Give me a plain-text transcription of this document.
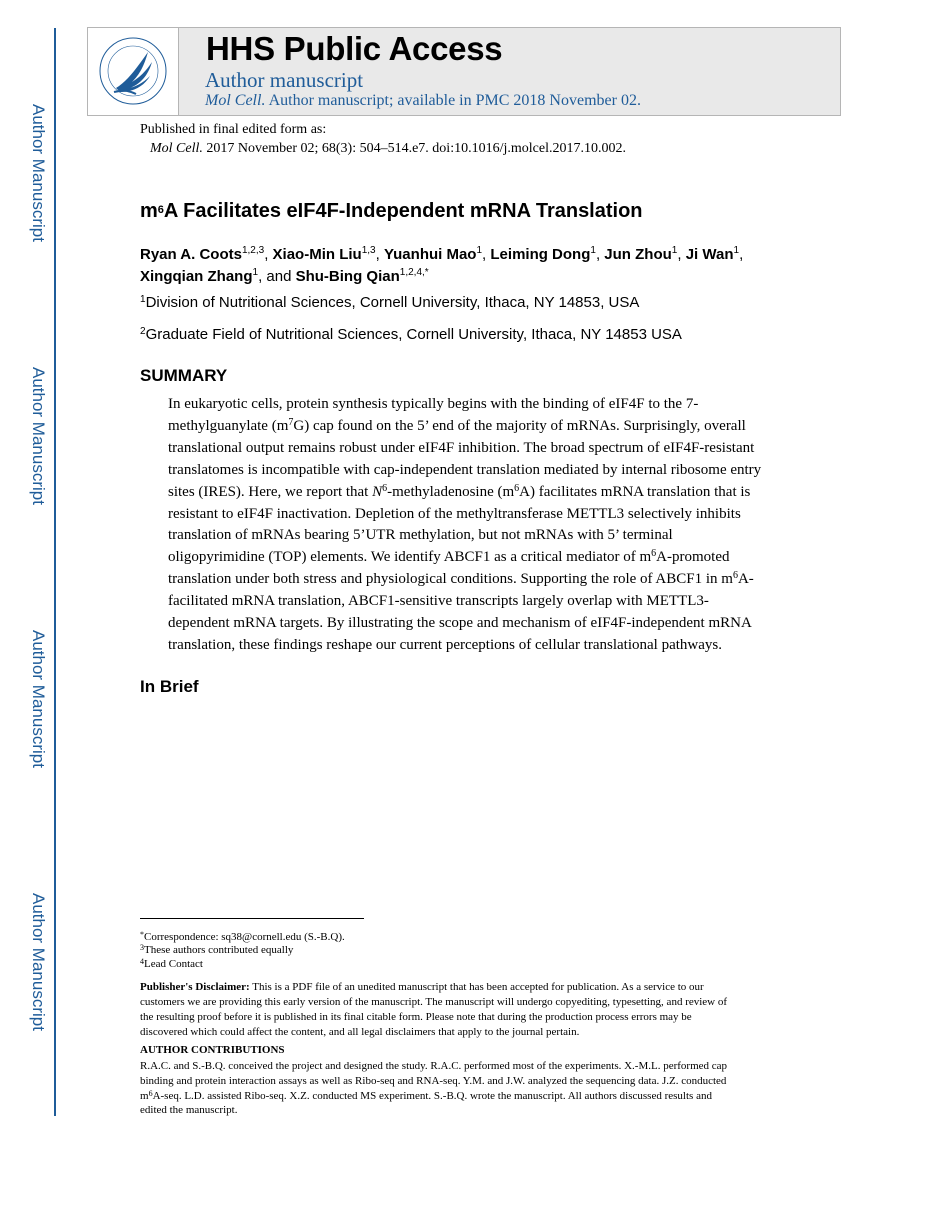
Author Manuscript
Author Manuscript
Author Manuscript
Author Manuscript
HHS Public Access
Author manuscript
Mol Cell. Author manuscript; available in PMC 2018 November 02.
Published in final edited form as:
Mol Cell. 2017 November 02; 68(3): 504–514.e7. doi:10.1016/j.molcel.2017.10.002.
$m^6A$ Facilitates eIF4F-Independent mRNA Translation
Ryan A. Coots$^{1,2,3}$, Xiao-Min Liu$^{1,3}$, Yuanhui Mao$^1$, Leiming Dong$^1$, Jun Zhou$^1$, Ji Wan$^1$,
Xingqian Zhang$^1$, and Shu-Bing Qian$^{1,2,4,*}$
$^1$Division of Nutritional Sciences, Cornell University, Ithaca, NY 14853, USA
$^2$Graduate Field of Nutritional Sciences, Cornell University, Ithaca, NY 14853 USA
SUMMARY

In eukaryotic cells, protein synthesis typically begins with the binding of eIF4F to the 7-

methylguanylate $(m^7G)$ cap found on the 5’ end of the majority of mRNAs. Surprisingly, overall

translational output remains robust under eIF4F inhibition. The broad spectrum of eIF4F-resistant

translatomes is incompatible with cap-independent translation mediated by internal ribosome entry

sites (IRES). Here, we report that $N^6$-methyladenosine $(m^6A)$ facilitates mRNA translation that is

resistant to eIF4F inactivation. Depletion of the methyltransferase METTL3 selectively inhibits

translation of mRNAs bearing 5’UTR methylation, but not mRNAs with 5’ terminal

oligopyrimidine (TOP) elements. We identify ABCF1 as a critical mediator of $m^6A$-promoted

translation under both stress and physiological conditions. Supporting the role of ABCF1 in $m^6A-$

facilitated mRNA translation, ABCF1-sensitive transcripts largely overlap with METTL3-

dependent mRNA targets. By illustrating the scope and mechanism of eIF4F-independent mRNA

translation, these findings reshape our current perceptions of cellular translational pathways.

In Brief

*Correspondence: sq38@cornell.edu (S.-B.Q).

$^3$These authors contributed equally

$^4$Lead Contact

Publisher's Disclaimer: This is a PDF file of an unedited manuscript that has been accepted for publication. As a service to our

customers we are providing this early version of the manuscript. The manuscript will undergo copyediting, typesetting, and review of

the resulting proof before it is published in its final citable form. Please note that during the production process errors may be

discovered which could affect the content, and all legal disclaimers that apply to the journal pertain.

AUTHOR CONTRIBUTIONS

R.A.C. and S.-B.Q. conceived the project and designed the study. R.A.C. performed most of the experiments. X.-M.L. performed cap

binding and protein interaction assays as well as Ribo-seq and RNA-seq. Y.M. and J.W. analyzed the sequencing data. J.Z. conducted

$m^6A$-seq. L.D. assisted Ribo-seq. X.Z. conducted MS experiment. S.-B.Q. wrote the manuscript. All authors discussed results and

edited the manuscript.
